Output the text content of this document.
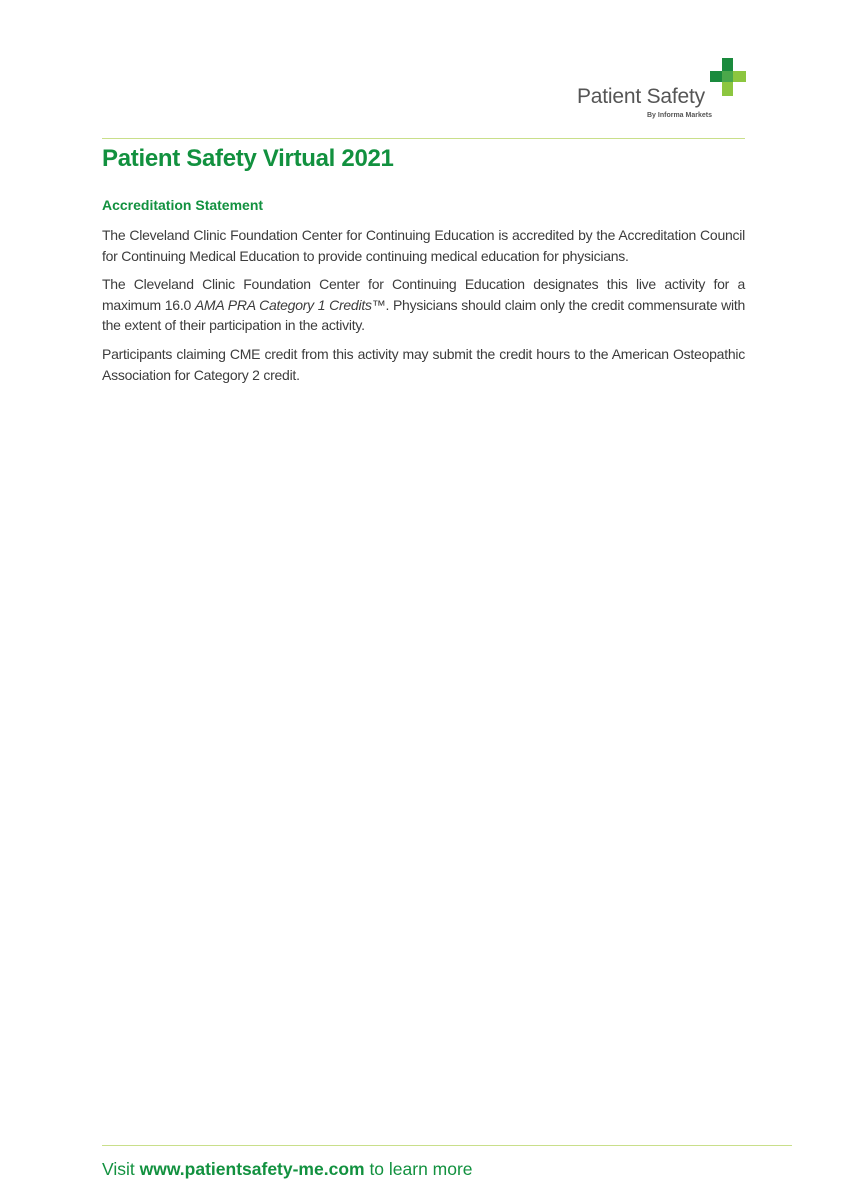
Patient Safety
By Informa Markets
Patient Safety Virtual 2021
Accreditation Statement

The Cleveland Clinic Foundation Center for Continuing Education is accredited by the Accreditation Council for Continuing Medical Education to provide continuing medical education for physicians.

The Cleveland Clinic Foundation Center for Continuing Education designates this live activity for a maximum 16.0 AMA PRA Category 1 Credits™. Physicians should claim only the credit commensurate with the extent of their participation in the activity.

Participants claiming CME credit from this activity may submit the credit hours to the American Osteopathic Association for Category 2 credit.

Visit www.patientsafety-me.com to learn more
